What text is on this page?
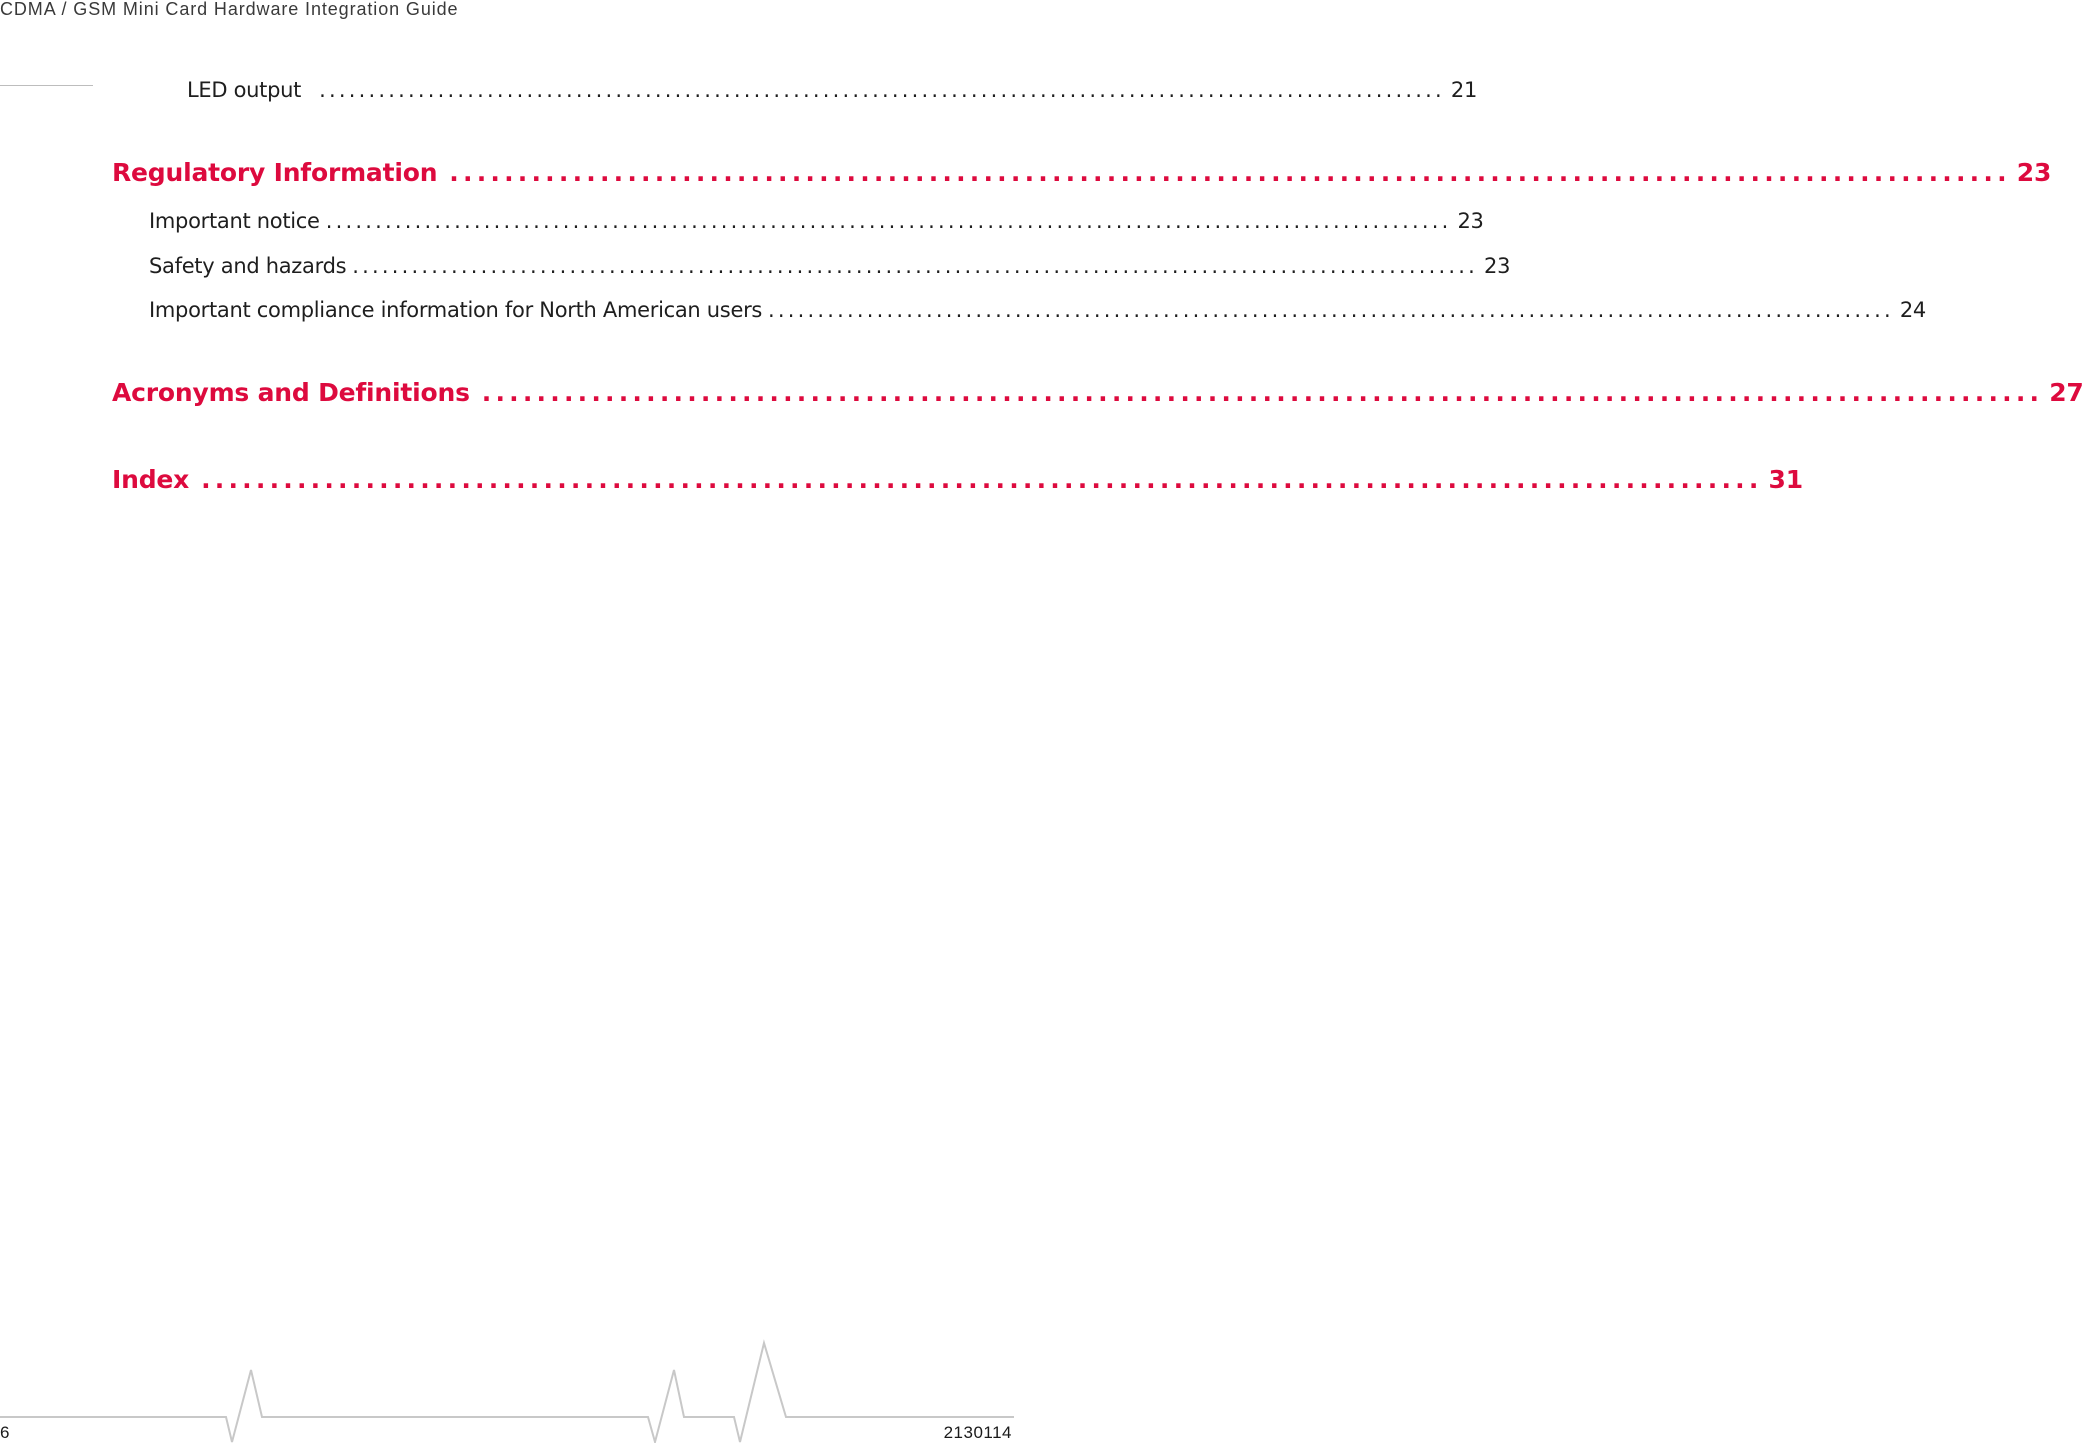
CDMA / GSM Mini Card Hardware Integration Guide
LED output .................................................................................................................. 21
Regulatory Information .................................................................................................................. 23
Important notice .................................................................................................................. 23
Safety and hazards .................................................................................................................. 23
Important compliance information for North American users .................................................................................................................. 24
Acronyms and Definitions .................................................................................................................. 27
Index .................................................................................................................. 31
6	2130114
